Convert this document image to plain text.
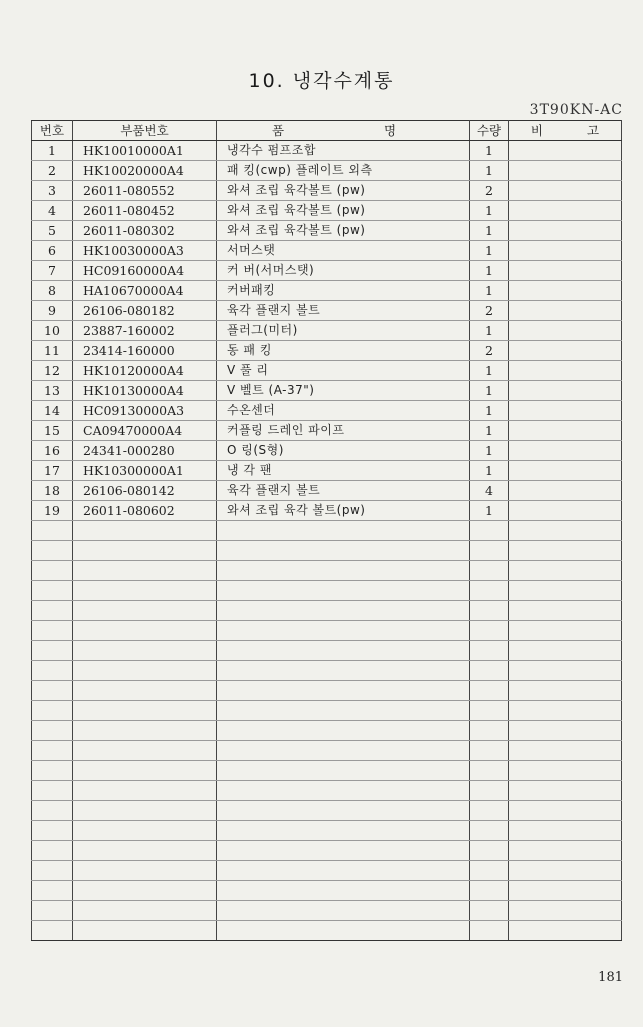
10. 냉각수계통
3T90KN-AC
번호	부품번호	품 명	수량	비 고
1	HK10010000A1	냉각수 펌프조합	1	
2	HK10020000A4	패 킹(cwp) 플레이트 외측	1	
3	26011-080552	와셔 조립 육각볼트 (pw)	2	
4	26011-080452	와셔 조립 육각볼트 (pw)	1	
5	26011-080302	와셔 조립 육각볼트 (pw)	1	
6	HK10030000A3	서머스탯	1	
7	HC09160000A4	커 버(서머스탯)	1	
8	HA10670000A4	커버패킹	1	
9	26106-080182	육각 플랜지 볼트	2	
10	23887-160002	플러그(미터)	1	
11	23414-160000	동 패 킹	2	
12	HK10120000A4	V 풀 리	1	
13	HK10130000A4	V 벨트 (A-37")	1	
14	HC09130000A3	수온센더	1	
15	CA09470000A4	커플링 드레인 파이프	1	
16	24341-000280	O 링(S형)	1	
17	HK10300000A1	냉 각 팬	1	
18	26106-080142	육각 플랜지 볼트	4	
19	26011-080602	와셔 조립 육각 볼트(pw)	1	

181
